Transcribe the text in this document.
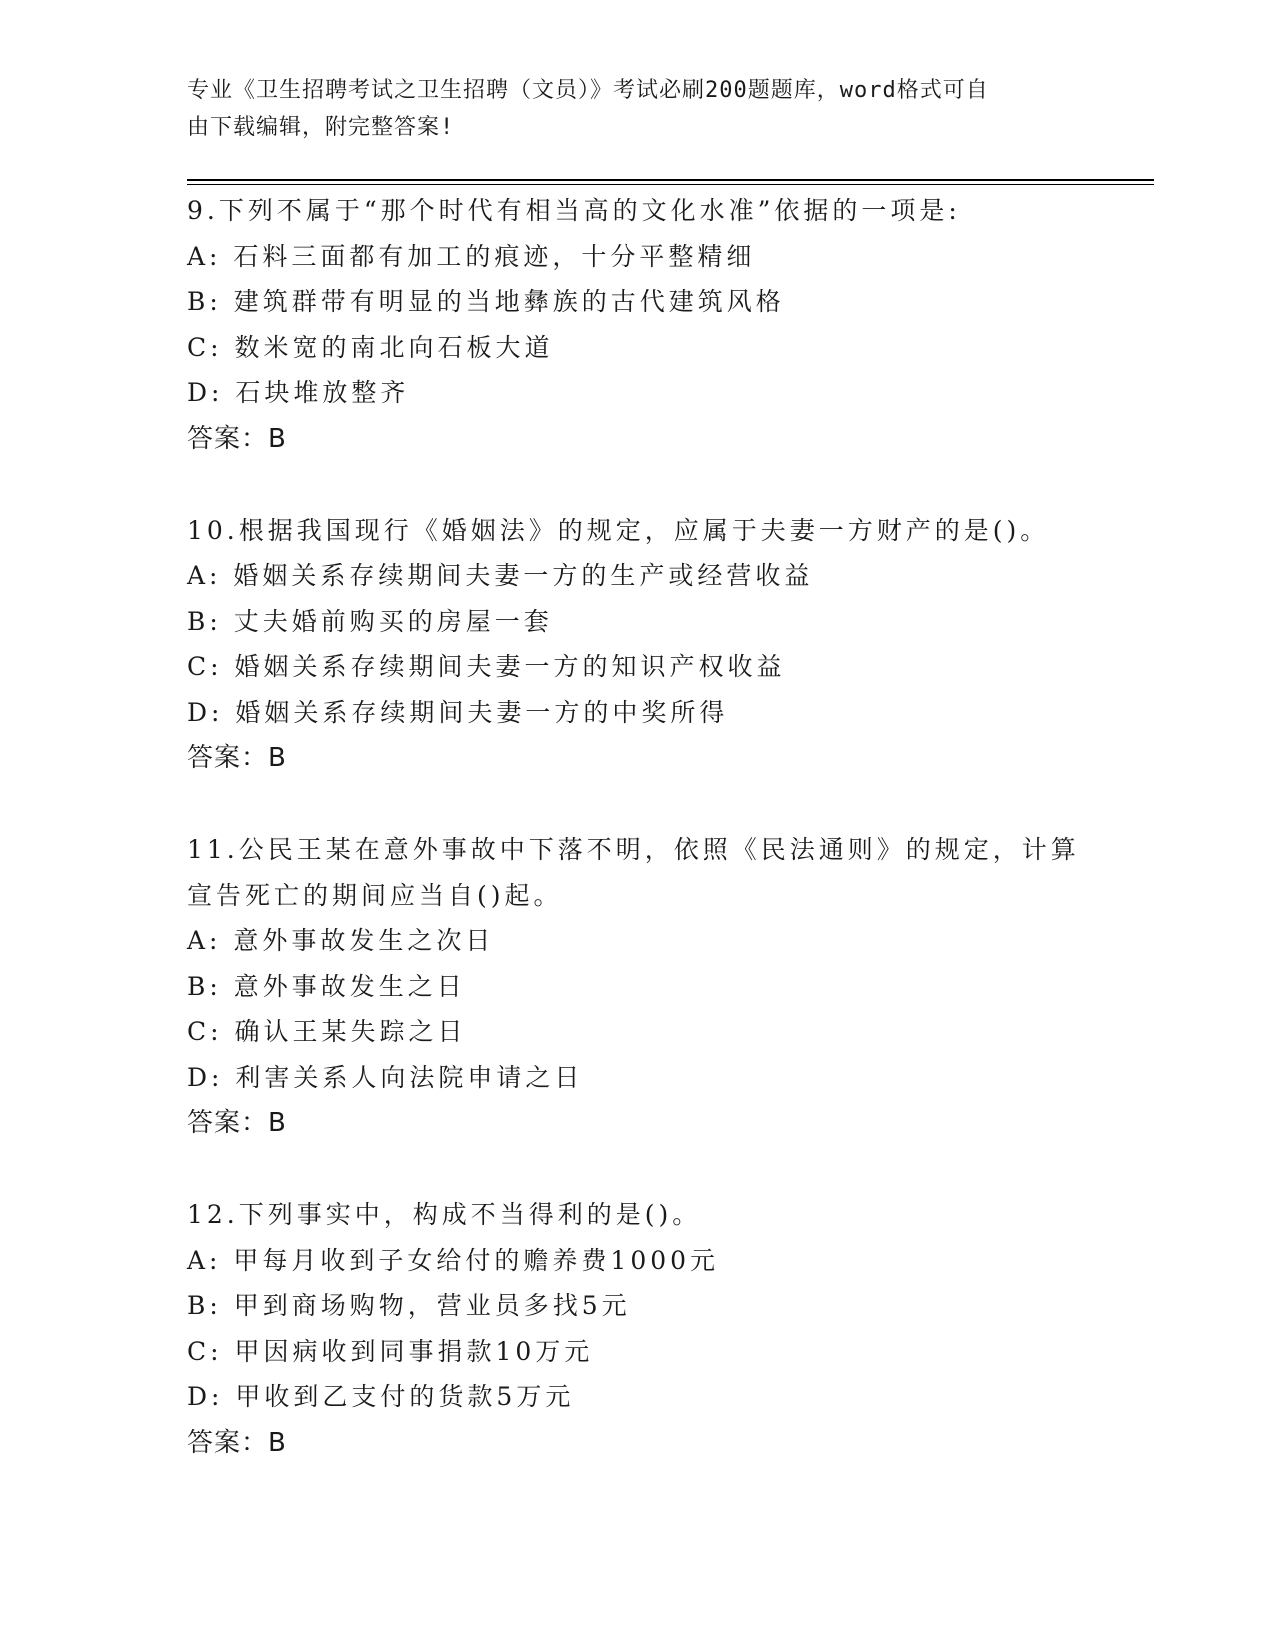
专业《卫生招聘考试之卫生招聘（文员）》考试必刷200题题库，word格式可自
由下载编辑，附完整答案!
9.下列不属于“那个时代有相当高的文化水准”依据的一项是:
A: 石料三面都有加工的痕迹，十分平整精细
B: 建筑群带有明显的当地彝族的古代建筑风格
C: 数米宽的南北向石板大道
D: 石块堆放整齐
答案：B
10.根据我国现行《婚姻法》的规定，应属于夫妻一方财产的是()。
A: 婚姻关系存续期间夫妻一方的生产或经营收益
B: 丈夫婚前购买的房屋一套
C: 婚姻关系存续期间夫妻一方的知识产权收益
D: 婚姻关系存续期间夫妻一方的中奖所得
答案：B
11.公民王某在意外事故中下落不明，依照《民法通则》的规定，计算
宣告死亡的期间应当自()起。
A: 意外事故发生之次日
B: 意外事故发生之日
C: 确认王某失踪之日
D: 利害关系人向法院申请之日
答案：B
12.下列事实中，构成不当得利的是()。
A: 甲每月收到子女给付的赡养费1000元
B: 甲到商场购物，营业员多找5元
C: 甲因病收到同事捐款10万元
D: 甲收到乙支付的货款5万元
答案：B
